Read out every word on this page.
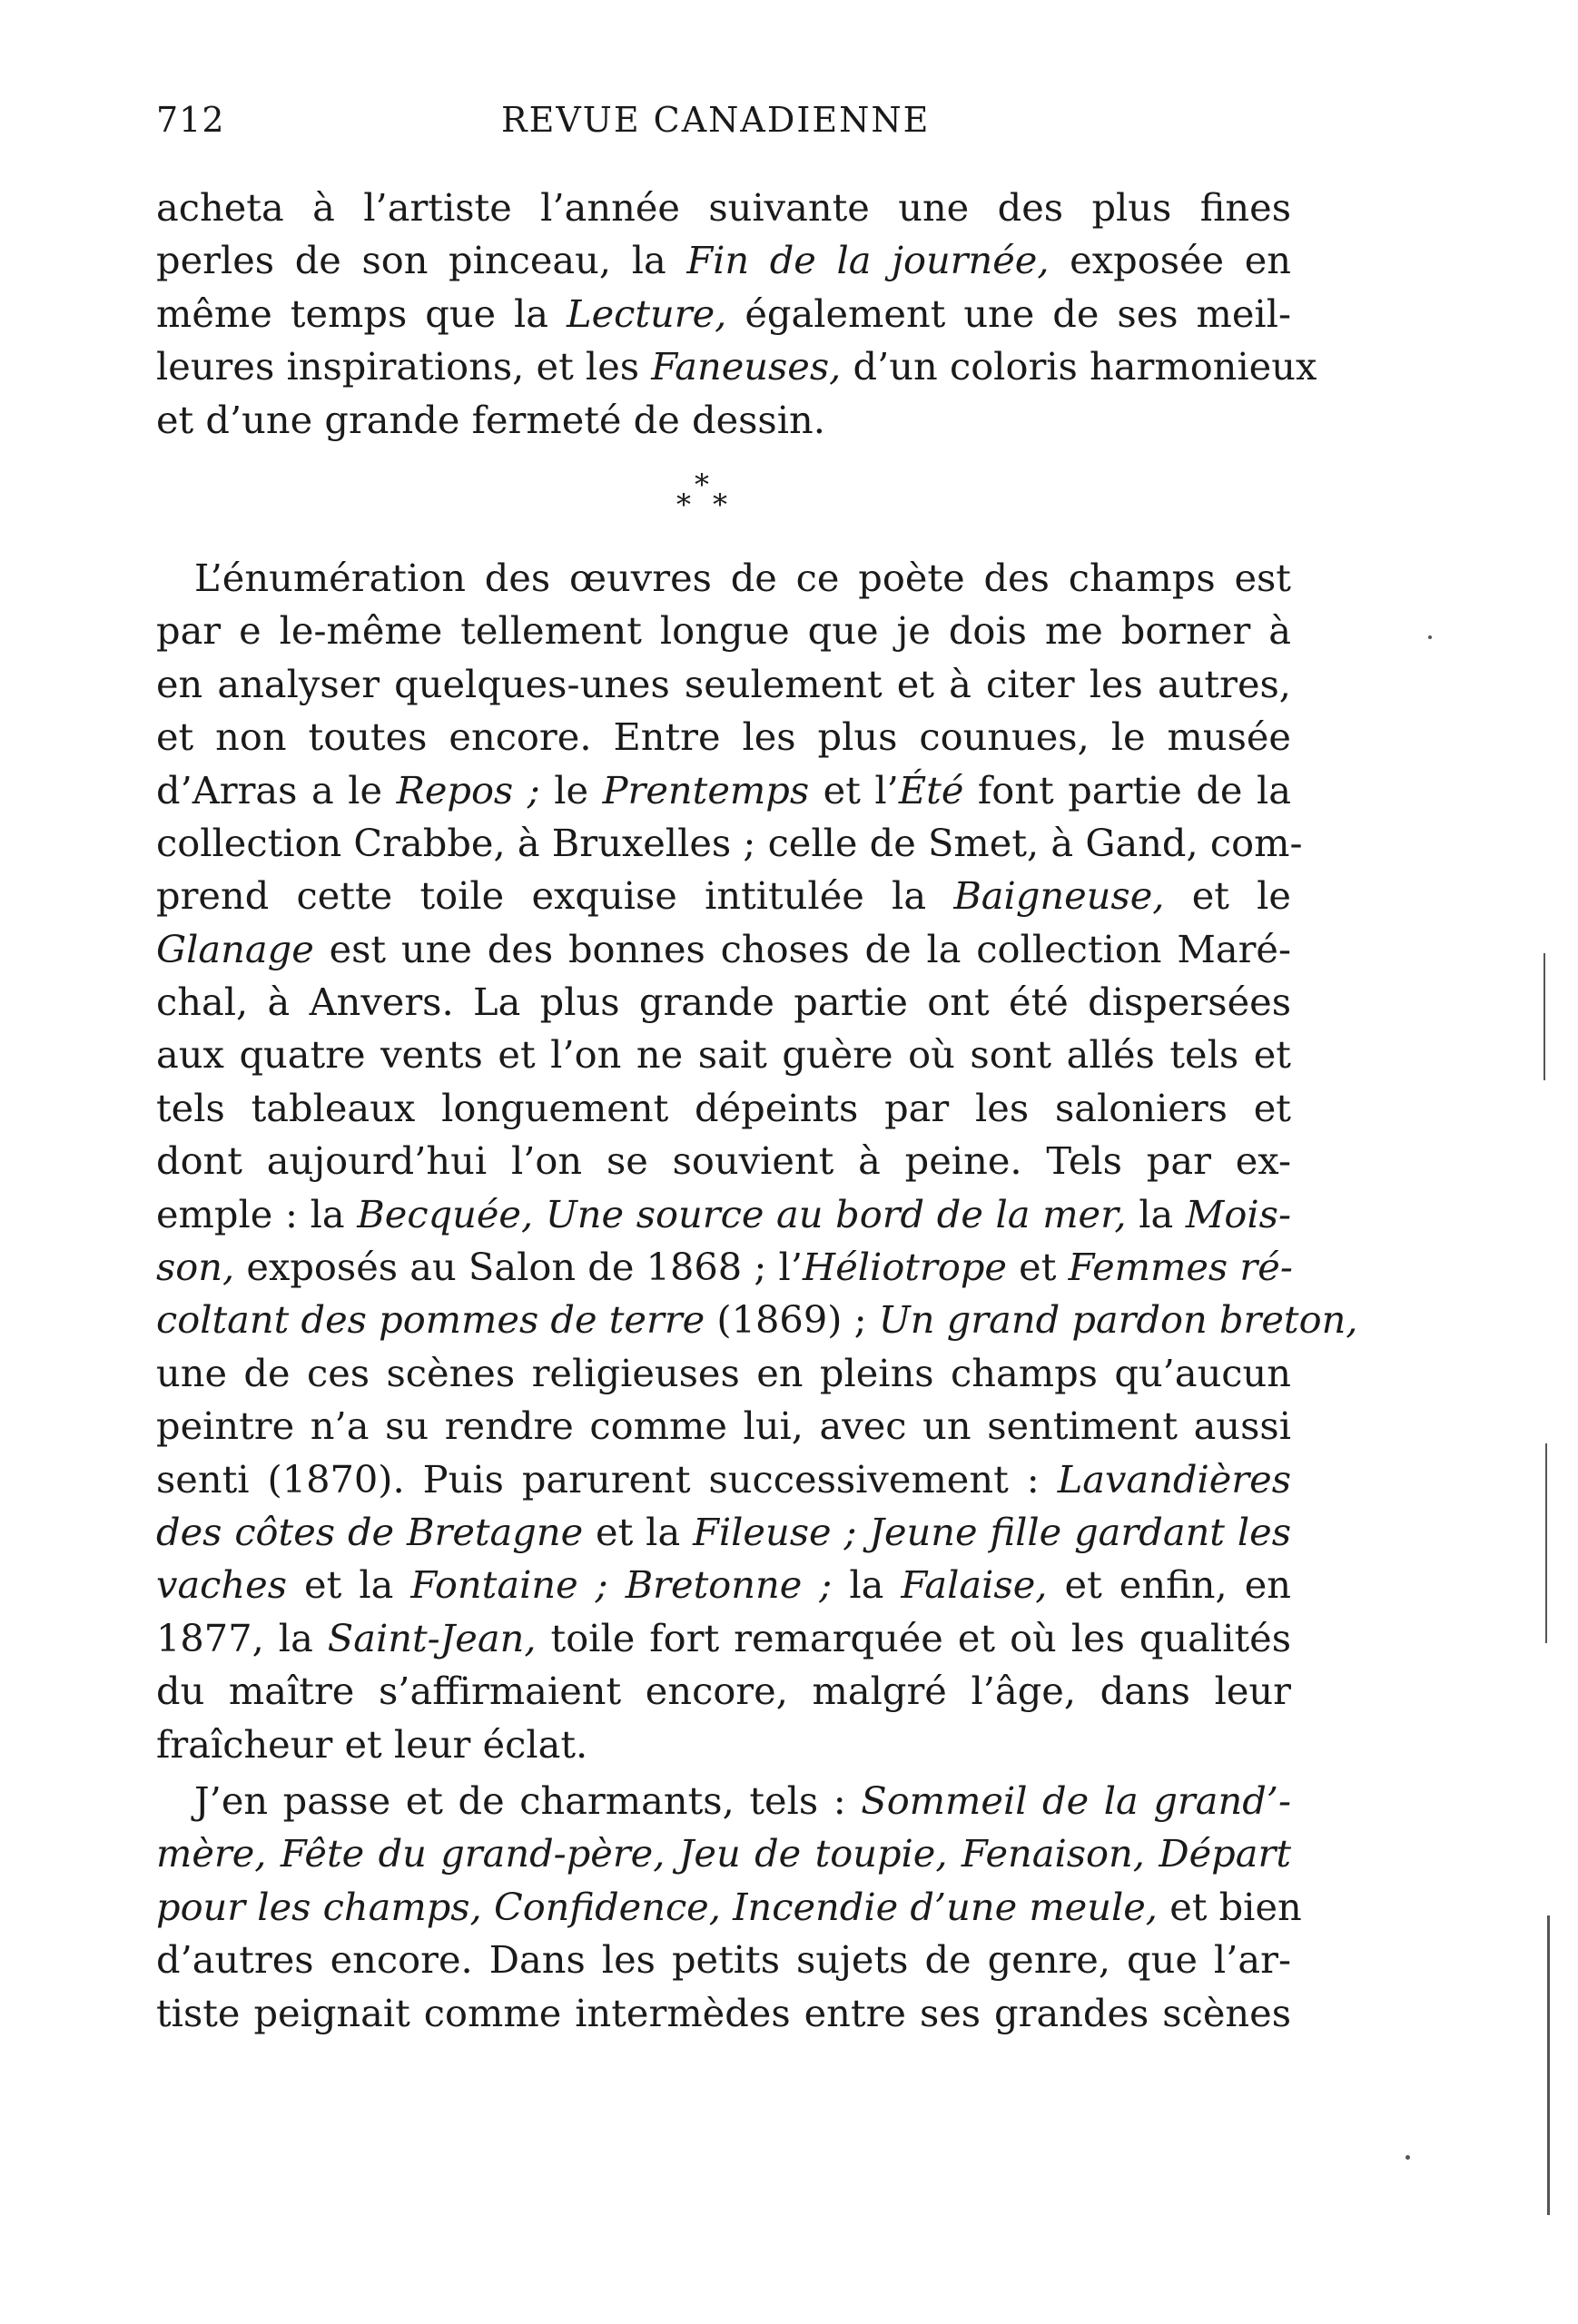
712	REVUE CANADIENNE
acheta à l’artiste l’année suivante une des plus fines
perles de son pinceau, la Fin de la journée, exposée en
même temps que la Lecture, également une de ses meil-
leures inspirations, et les Faneuses, d’un coloris harmonieux
et d’une grande fermeté de dessin.
*
* *
L’énumération des œuvres de ce poète des champs est
par e le-même tellement longue que je dois me borner à
en analyser quelques-unes seulement et à citer les autres,
et non toutes encore. Entre les plus counues, le musée
d’Arras a le Repos ; le Prentemps et l’Été font partie de la
collection Crabbe, à Bruxelles ; celle de Smet, à Gand, com-
prend cette toile exquise intitulée la Baigneuse, et le
Glanage est une des bonnes choses de la collection Maré-
chal, à Anvers. La plus grande partie ont été dispersées
aux quatre vents et l’on ne sait guère où sont allés tels et
tels tableaux longuement dépeints par les saloniers et
dont aujourd’hui l’on se souvient à peine. Tels par ex-
emple : la Becquée, Une source au bord de la mer, la Mois-
son, exposés au Salon de 1868 ; l’Héliotrope et Femmes ré-
coltant des pommes de terre (1869) ; Un grand pardon breton,
une de ces scènes religieuses en pleins champs qu’aucun
peintre n’a su rendre comme lui, avec un sentiment aussi
senti (1870). Puis parurent successivement : Lavandières
des côtes de Bretagne et la Fileuse ; Jeune fille gardant les
vaches et la Fontaine ; Bretonne ; la Falaise, et enfin, en
1877, la Saint-Jean, toile fort remarquée et où les qualités
du maître s’affirmaient encore, malgré l’âge, dans leur
fraîcheur et leur éclat.
J’en passe et de charmants, tels : Sommeil de la grand’-
mère, Fête du grand-père, Jeu de toupie, Fenaison, Départ
pour les champs, Confidence, Incendie d’une meule, et bien
d’autres encore. Dans les petits sujets de genre, que l’ar-
tiste peignait comme intermèdes entre ses grandes scènes
